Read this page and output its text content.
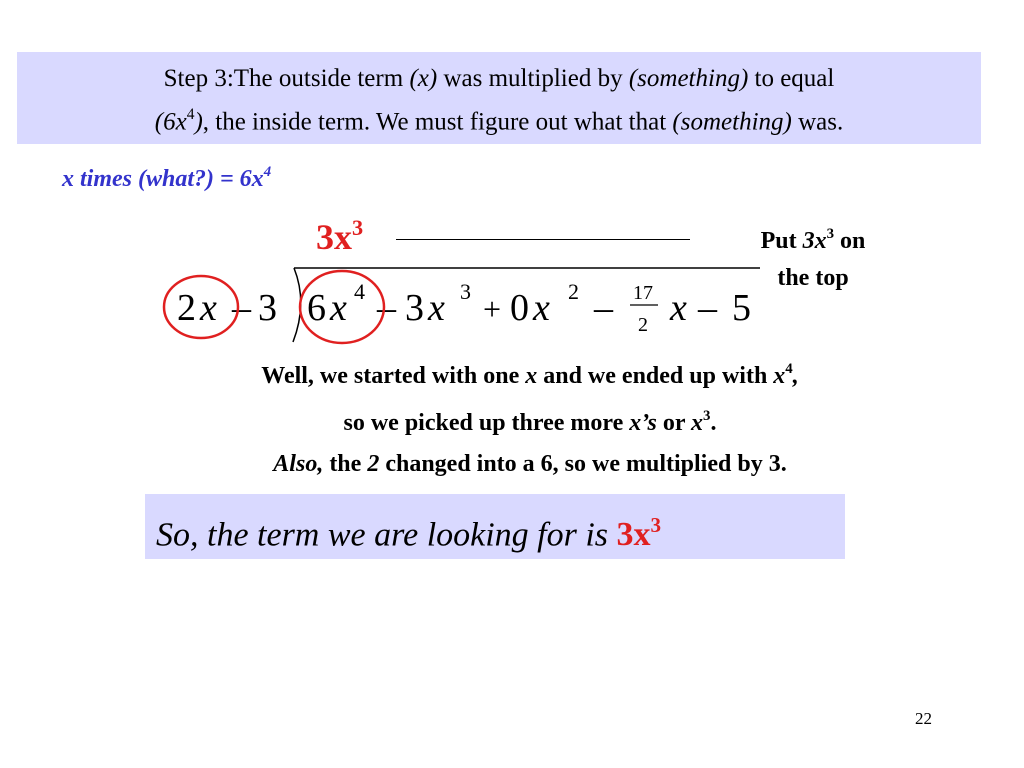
Step 3:The outside term (x) was multiplied by (something) to equal
$(6x^4)$, the inside term. We must figure out what that (something) was.
x times (what?) = $6x^4$
$3x^3$
Put $3x^3$ on
the top
2 x – 3 6 x 4 – 3 x 3 + 0 x 2 – 17
2 x – 5
Well, we started with one x and we ended up with $x^4$,
so we picked up three more x’s or $x^3$.
Also, the 2 changed into a 6, so we multiplied by 3.
So, the term we are looking for is $3x^3$
22
